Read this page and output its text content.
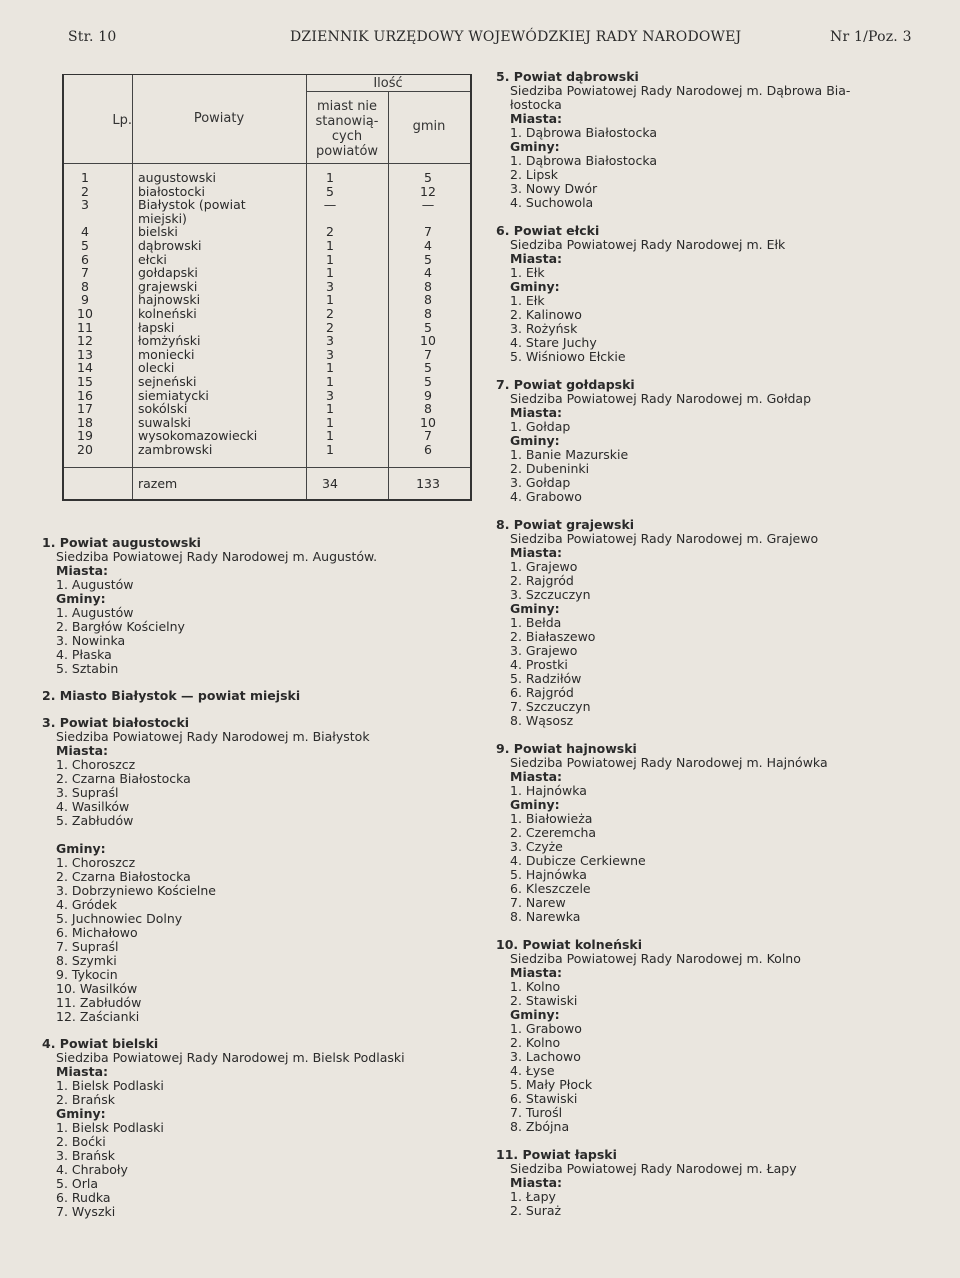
Str. 10	DZIENNIK URZĘDOWY WOJEWÓDZKIEJ RADY NARODOWEJ	Nr 1/Poz. 3
Ilość
Lp.	Powiaty
miast nie
stanowią-
cych
powiatów
gmin
1	augustowski	1	5
2	białostocki	5	12
3	Białystok (powiat	—	—
miejski)
4	bielski	2	7
5	dąbrowski	1	4
6	ełcki	1	5
7	gołdapski	1	4
8	grajewski	3	8
9	hajnowski	1	8
10	kolneński	2	8
11	łapski	2	5
12	łomżyński	3	10
13	moniecki	3	7
14	olecki	1	5
15	sejneński	1	5
16	siemiatycki	3	9
17	sokólski	1	8
18	suwalski	1	10
19	wysokomazowiecki	1	7
20	zambrowski	1	6
razem	34	133
1. Powiat augustowski
Siedziba Powiatowej Rady Narodowej m. Augustów.
Miasta:
1. Augustów
Gminy:
1. Augustów
2. Bargłów Kościelny
3. Nowinka
4. Płaska
5. Sztabin
2. Miasto Białystok — powiat miejski
3. Powiat białostocki
Siedziba Powiatowej Rady Narodowej m. Białystok
Miasta:
1. Choroszcz
2. Czarna Białostocka
3. Supraśl
4. Wasilków
5. Zabłudów
Gminy:
1. Choroszcz
2. Czarna Białostocka
3. Dobrzyniewo Kościelne
4. Gródek
5. Juchnowiec Dolny
6. Michałowo
7. Supraśl
8. Szymki
9. Tykocin
10. Wasilków
11. Zabłudów
12. Zaścianki
4. Powiat bielski
Siedziba Powiatowej Rady Narodowej m. Bielsk Podlaski
Miasta:
1. Bielsk Podlaski
2. Brańsk
Gminy:
1. Bielsk Podlaski
2. Boćki
3. Brańsk
4. Chraboły
5. Orla
6. Rudka
7. Wyszki
5. Powiat dąbrowski
Siedziba Powiatowej Rady Narodowej m. Dąbrowa Bia-
łostocka
Miasta:
1. Dąbrowa Białostocka
Gminy:
1. Dąbrowa Białostocka
2. Lipsk
3. Nowy Dwór
4. Suchowola
6. Powiat ełcki
Siedziba Powiatowej Rady Narodowej m. Ełk
Miasta:
1. Ełk
Gminy:
1. Ełk
2. Kalinowo
3. Rożyńsk
4. Stare Juchy
5. Wiśniowo Ełckie
7. Powiat gołdapski
Siedziba Powiatowej Rady Narodowej m. Gołdap
Miasta:
1. Gołdap
Gminy:
1. Banie Mazurskie
2. Dubeninki
3. Gołdap
4. Grabowo
8. Powiat grajewski
Siedziba Powiatowej Rady Narodowej m. Grajewo
Miasta:
1. Grajewo
2. Rajgród
3. Szczuczyn
Gminy:
1. Bełda
2. Białaszewo
3. Grajewo
4. Prostki
5. Radziłów
6. Rajgród
7. Szczuczyn
8. Wąsosz
9. Powiat hajnowski
Siedziba Powiatowej Rady Narodowej m. Hajnówka
Miasta:
1. Hajnówka
Gminy:
1. Białowieża
2. Czeremcha
3. Czyże
4. Dubicze Cerkiewne
5. Hajnówka
6. Kleszczele
7. Narew
8. Narewka
10. Powiat kolneński
Siedziba Powiatowej Rady Narodowej m. Kolno
Miasta:
1. Kolno
2. Stawiski
Gminy:
1. Grabowo
2. Kolno
3. Lachowo
4. Łyse
5. Mały Płock
6. Stawiski
7. Turośl
8. Zbójna
11. Powiat łapski
Siedziba Powiatowej Rady Narodowej m. Łapy
Miasta:
1. Łapy
2. Suraż
